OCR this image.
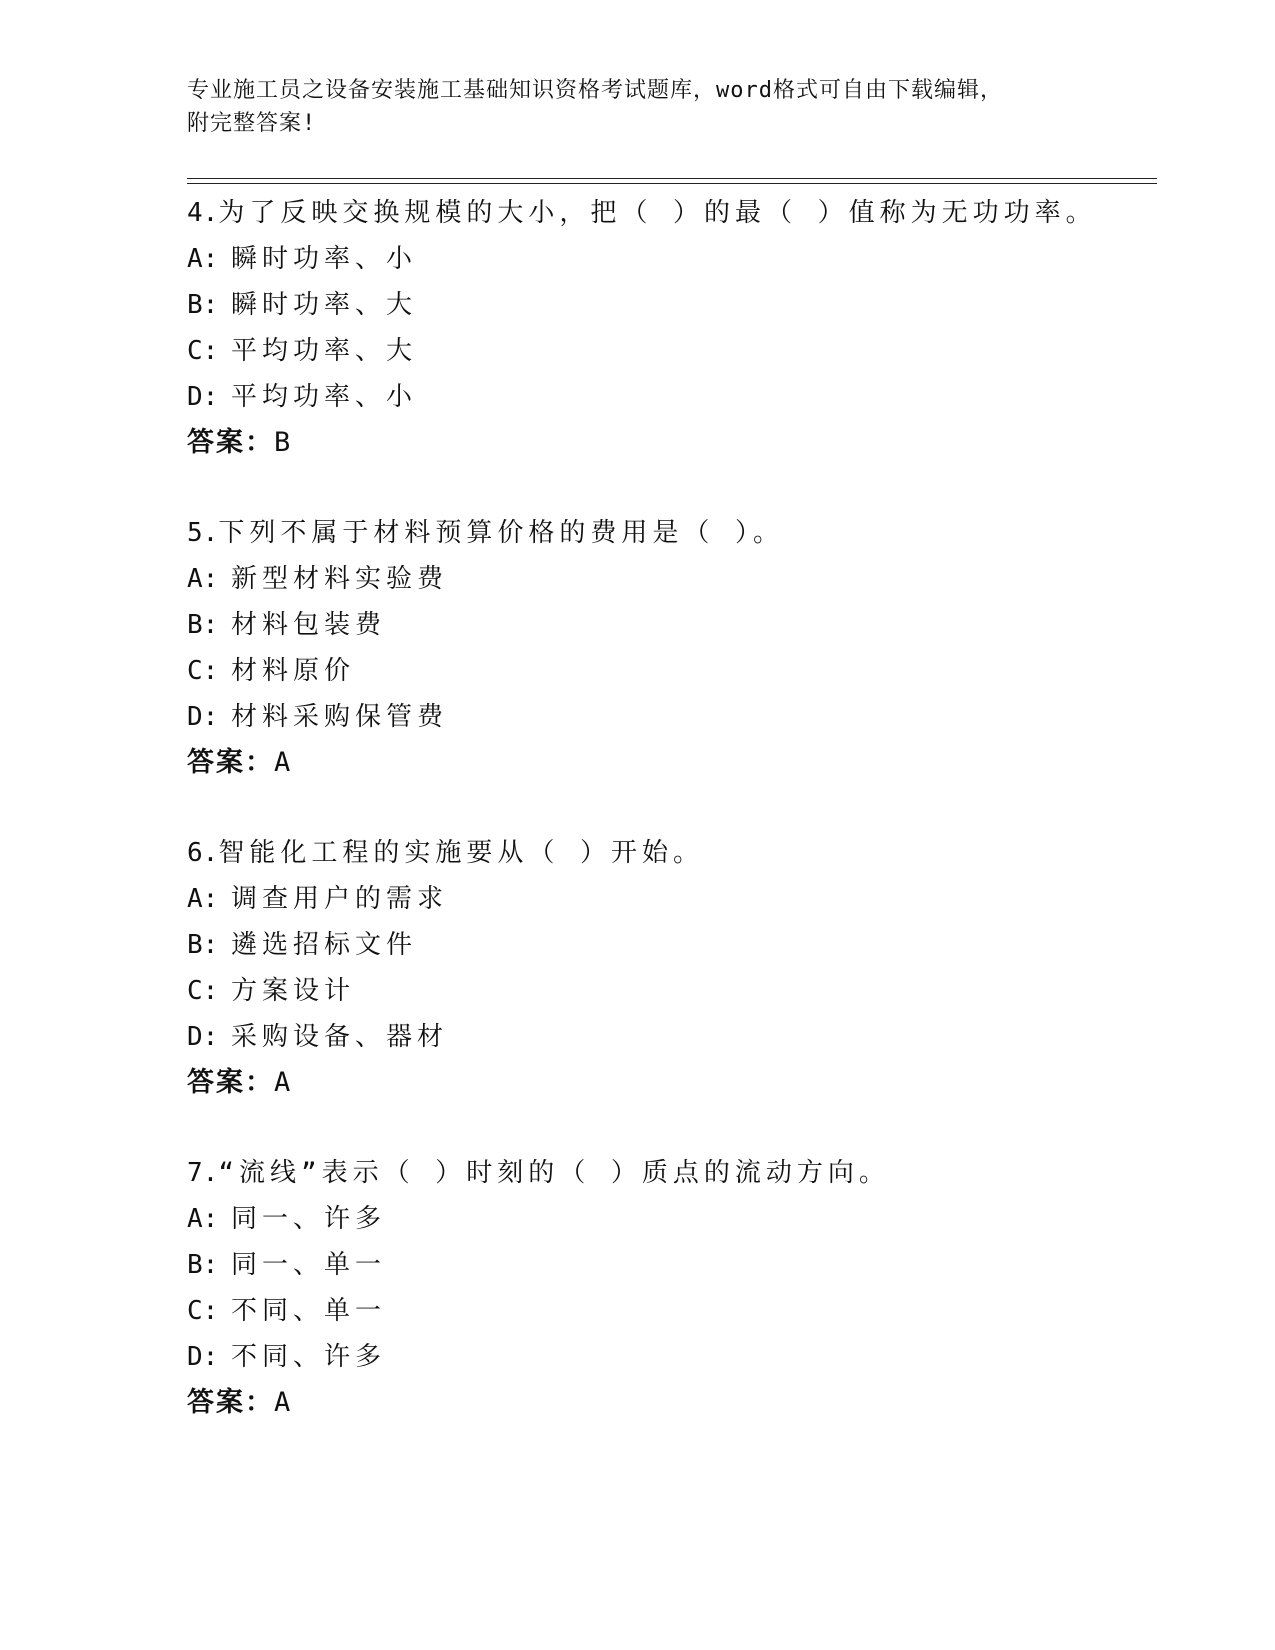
专业施工员之设备安装施工基础知识资格考试题库，word格式可自由下载编辑，
附完整答案!
4.为了反映交换规模的大小，把（ ）的最（ ）值称为无功功率。
A: 瞬时功率、小
B: 瞬时功率、大
C: 平均功率、大
D: 平均功率、小
答案：B
5.下列不属于材料预算价格的费用是（ ）。
A: 新型材料实验费
B: 材料包装费
C: 材料原价
D: 材料采购保管费
答案：A
6.智能化工程的实施要从（ ）开始。
A: 调查用户的需求
B: 遴选招标文件
C: 方案设计
D: 采购设备、器材
答案：A
7.“流线”表示（ ）时刻的（ ）质点的流动方向。
A: 同一、许多
B: 同一、单一
C: 不同、单一
D: 不同、许多
答案：A
